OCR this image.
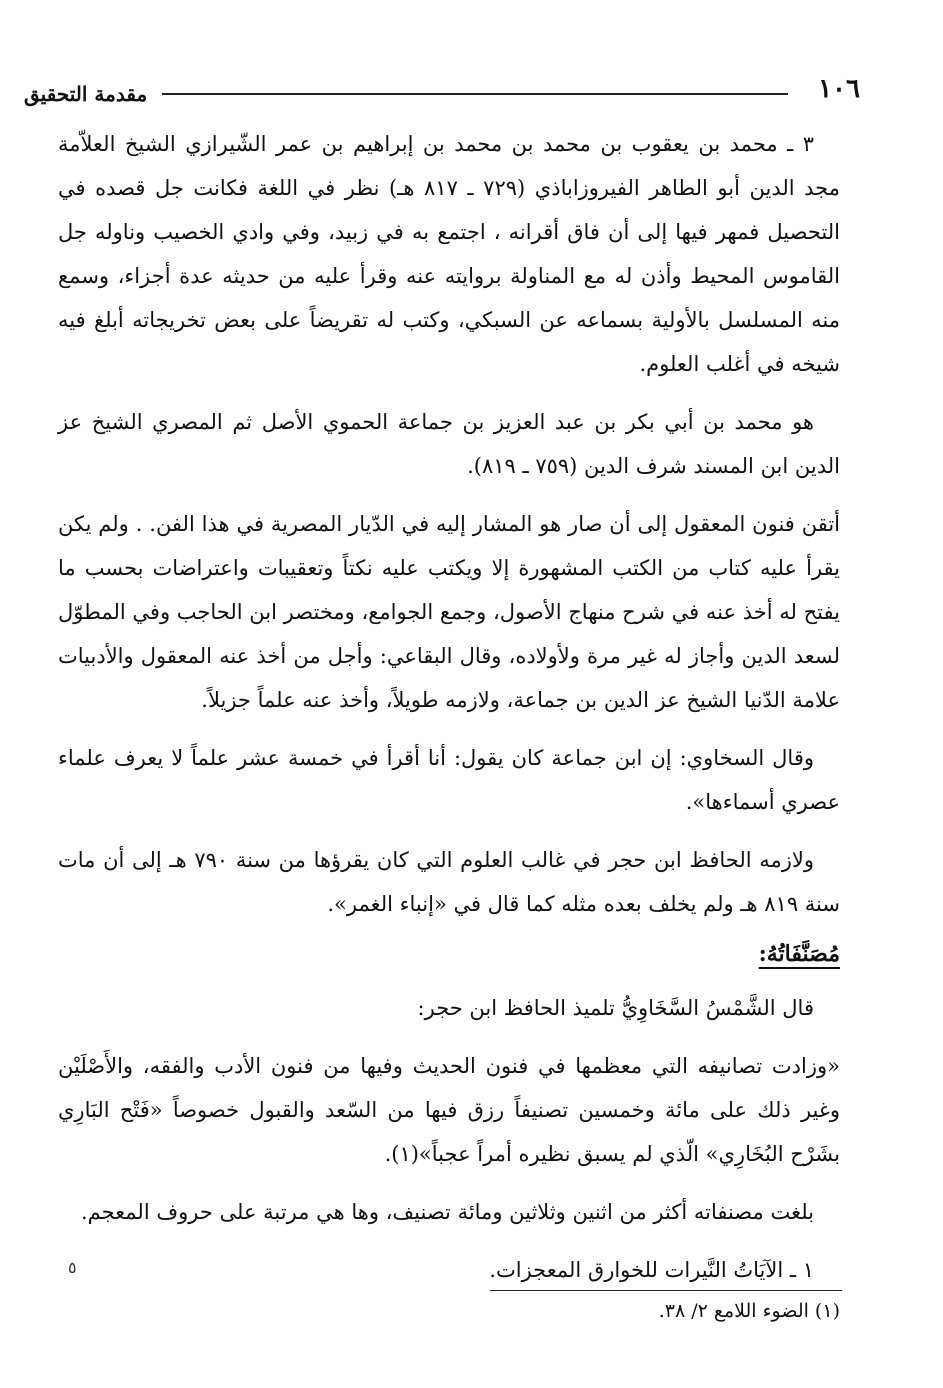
١٠٦
مقدمة التحقيق

٣ ـ محمد بن يعقوب بن محمد بن محمد بن إبراهيم بن عمر الشّيرازي الشيخ العلاّمة مجد الدين أبو الطاهر الفيروزاباذي (٧٢٩ ـ ٨١٧ هـ) نظر في اللغة فكانت جل قصده في التحصيل فمهر فيها إلى أن فاق أقرانه ، اجتمع به في زبيد، وفي وادي الخصيب وناوله جل القاموس المحيط وأذن له مع المناولة بروايته عنه وقرأ عليه من حديثه عدة أجزاء، وسمع منه المسلسل بالأولية بسماعه عن السبكي، وكتب له تقريضاً على بعض تخريجاته أبلغ فيه شيخه في أغلب العلوم.

هو محمد بن أبي بكر بن عبد العزيز بن جماعة الحموي الأصل ثم المصري الشيخ عز الدين ابن المسند شرف الدين (٧٥٩ ـ ٨١٩).

أتقن فنون المعقول إلى أن صار هو المشار إليه في الدّيار المصرية في هذا الفن. . ولم يكن يقرأ عليه كتاب من الكتب المشهورة إلا ويكتب عليه نكتاً وتعقيبات واعتراضات بحسب ما يفتح له أخذ عنه في شرح منهاج الأصول، وجمع الجوامع، ومختصر ابن الحاجب وفي المطوّل لسعد الدين وأجاز له غير مرة ولأولاده، وقال البقاعي: وأجل من أخذ عنه المعقول والأدبيات علامة الدّنيا الشيخ عز الدين بن جماعة، ولازمه طويلاً، وأخذ عنه علماً جزيلاً.

وقال السخاوي: إن ابن جماعة كان يقول: أنا أقرأ في خمسة عشر علماً لا يعرف علماء عصري أسماءها».

ولازمه الحافظ ابن حجر في غالب العلوم التي كان يقرؤها من سنة ٧٩٠ هـ إلى أن مات سنة ٨١٩ هـ ولم يخلف بعده مثله كما قال في «إنباء الغمر».

مُصَنَّفَاتُهُ:

قال الشَّمْسُ السَّخَاوِيُّ تلميذ الحافظ ابن حجر:

«وزادت تصانيفه التي معظمها في فنون الحديث وفيها من فنون الأدب والفقه، والأَصْلَيْن وغير ذلك على مائة وخمسين تصنيفاً رزق فيها من السّعد والقبول خصوصاً «فَتْح البَارِي بشَرْح البُخَارِي» الّذي لم يسبق نظيره أمراً عجباً»(١).

بلغت مصنفاته أكثر من اثنين وثلاثين ومائة تصنيف، وها هي مرتبة على حروف المعجم.

١ ـ الآيَاتُ النَّيرات للخوارق المعجزات.

٥
(١) الضوء اللامع ٢/ ٣٨.
